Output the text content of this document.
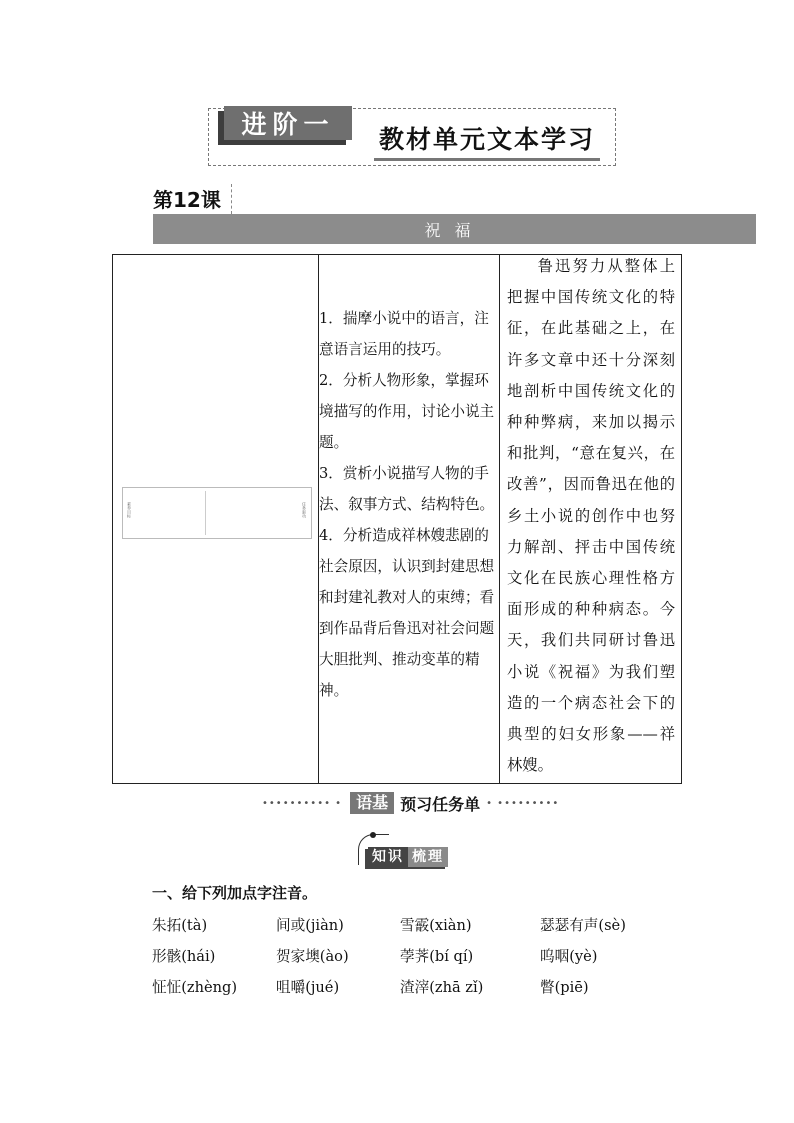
进阶一
教材单元文本学习
第12课
祝福
素养目标	任务驱动

1．揣摩小说中的语言，注意语言运用的技巧。

2．分析人物形象，掌握环境描写的作用，讨论小说主题。

3．赏析小说描写人物的手法、叙事方式、结构特色。

4．分析造成祥林嫂悲剧的社会原因，认识到封建思想和封建礼教对人的束缚；看到作品背后鲁迅对社会问题大胆批判、推动变革的精神。

鲁迅努力从整体上把握中国传统文化的特征，在此基础之上，在许多文章中还十分深刻地剖析中国传统文化的种种弊病，来加以揭示和批判，“意在复兴，在改善”，因而鲁迅在他的乡土小说的创作中也努力解剖、抨击中国传统文化在民族心理性格方面形成的种种病态。今天，我们共同研讨鲁迅小说《祝福》为我们塑造的一个病态社会下的典型的妇女形象——祥林嫂。

•••••••••• • 语基 预习任务单 • •••••••••
知识 梳理
一、给下列加点字注音。
朱拓(tà)	间或(jiàn)	雪霰(xiàn)	瑟瑟有声(sè)
形骸(hái)	贺家墺(ào)	荸荠(bí qí)	呜咽(yè)
怔怔(zhèng)	咀嚼(jué)	渣滓(zhā zǐ)	瞥(piē)
